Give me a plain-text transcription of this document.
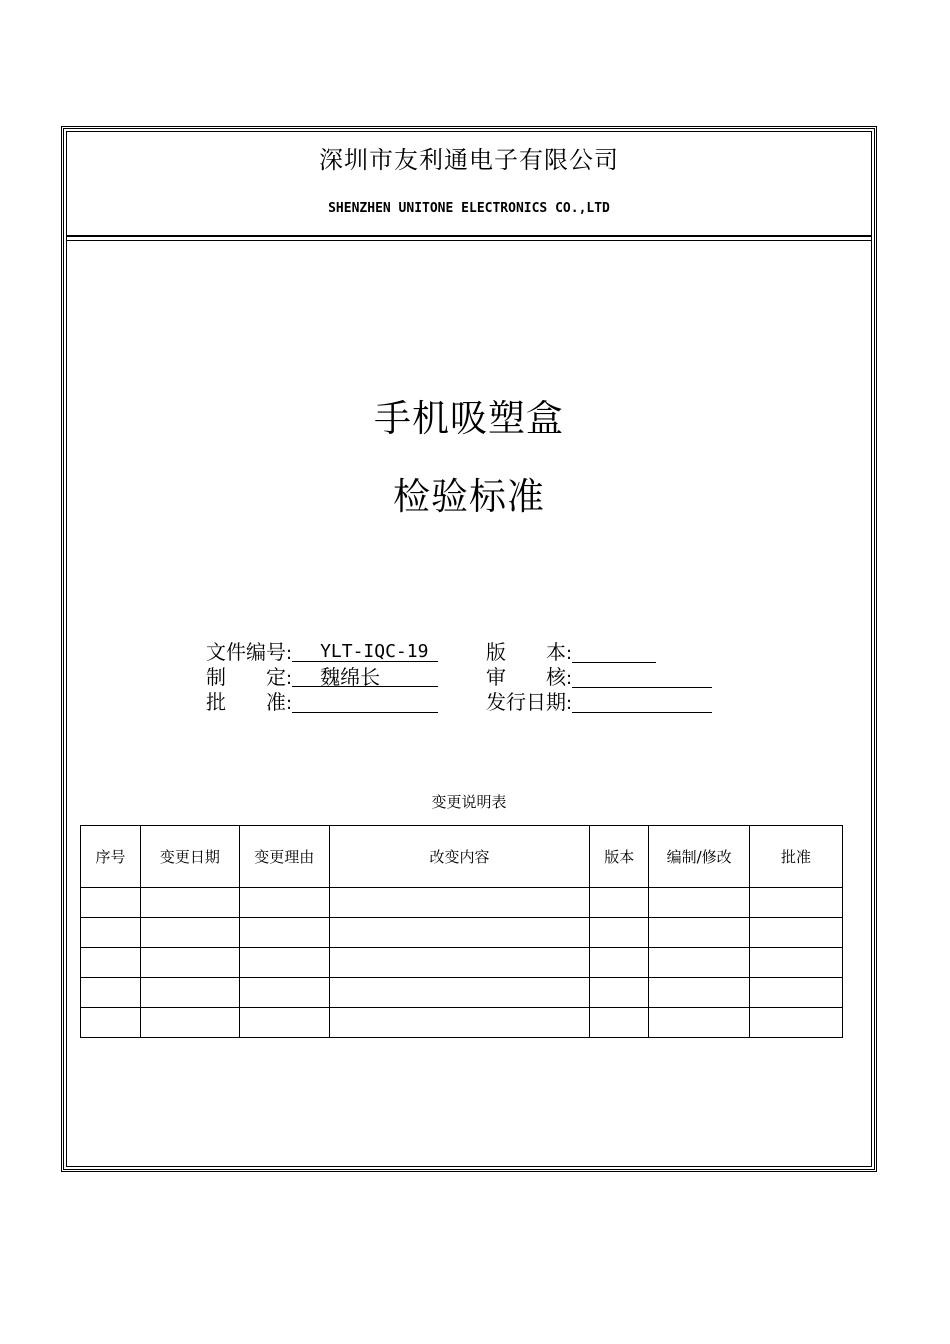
深圳市友利通电子有限公司
SHENZHEN UNITONE ELECTRONICS CO.,LTD
手机吸塑盒
检验标准
文件编号: YLT-IQC-19	版　　本:
制　　定: 魏绵长	审　　核:
批　　准:	发行日期:
变更说明表
序号	变更日期	变更理由	改变内容	版本	编制/修改	批准
